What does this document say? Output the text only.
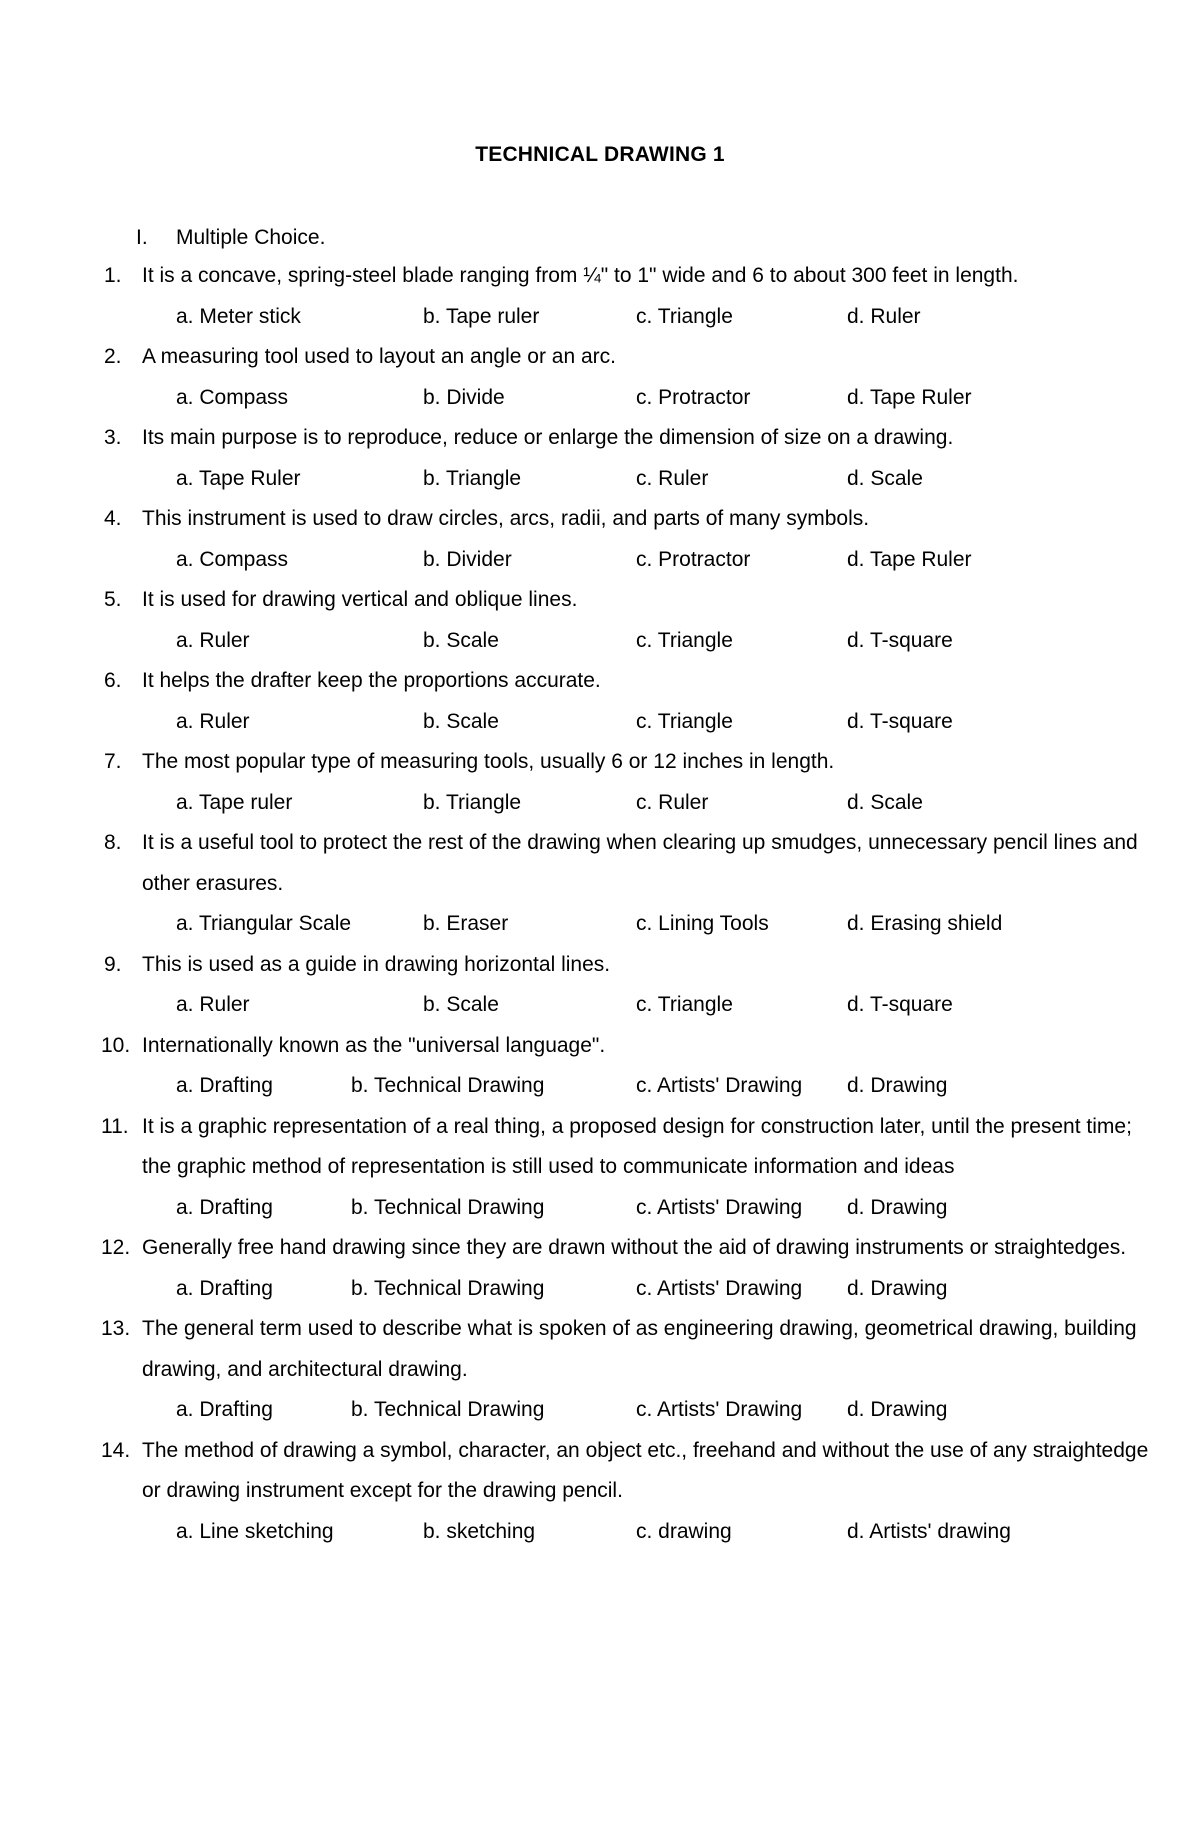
TECHNICAL DRAWING 1
I. Multiple Choice.
1. It is a concave, spring-steel blade ranging from ¼" to 1" wide and 6 to about 300 feet in length.
a. Meter stick	b. Tape ruler	c. Triangle	d. Ruler
2. A measuring tool used to layout an angle or an arc.
a. Compass	b. Divide	c. Protractor	d. Tape Ruler
3. Its main purpose is to reproduce, reduce or enlarge the dimension of size on a drawing.
a. Tape Ruler	b. Triangle	c. Ruler	d. Scale
4. This instrument is used to draw circles, arcs, radii, and parts of many symbols.
a. Compass	b. Divider	c. Protractor	d. Tape Ruler
5. It is used for drawing vertical and oblique lines.
a. Ruler	b. Scale	c. Triangle	d. T-square
6. It helps the drafter keep the proportions accurate.
a. Ruler	b. Scale	c. Triangle	d. T-square
7. The most popular type of measuring tools, usually 6 or 12 inches in length.
a. Tape ruler	b. Triangle	c. Ruler	d. Scale
8. It is a useful tool to protect the rest of the drawing when clearing up smudges, unnecessary pencil lines and other erasures.
a. Triangular Scale	b. Eraser	c. Lining Tools	d. Erasing shield
9. This is used as a guide in drawing horizontal lines.
a. Ruler	b. Scale	c. Triangle	d. T-square
10. Internationally known as the "universal language".
a. Drafting	b. Technical Drawing	c. Artists' Drawing d. Drawing
11. It is a graphic representation of a real thing, a proposed design for construction later, until the present time; the graphic method of representation is still used to communicate information and ideas
a. Drafting	b. Technical Drawing	c. Artists' Drawing d. Drawing
12. Generally free hand drawing since they are drawn without the aid of drawing instruments or straightedges.
a. Drafting	b. Technical Drawing	c. Artists' Drawing d. Drawing
13. The general term used to describe what is spoken of as engineering drawing, geometrical drawing, building drawing, and architectural drawing.
a. Drafting	b. Technical Drawing	c. Artists' Drawing d. Drawing
14. The method of drawing a symbol, character, an object etc., freehand and without the use of any straightedge or drawing instrument except for the drawing pencil.
a. Line sketching	b. sketching	c. drawing	d. Artists' drawing
